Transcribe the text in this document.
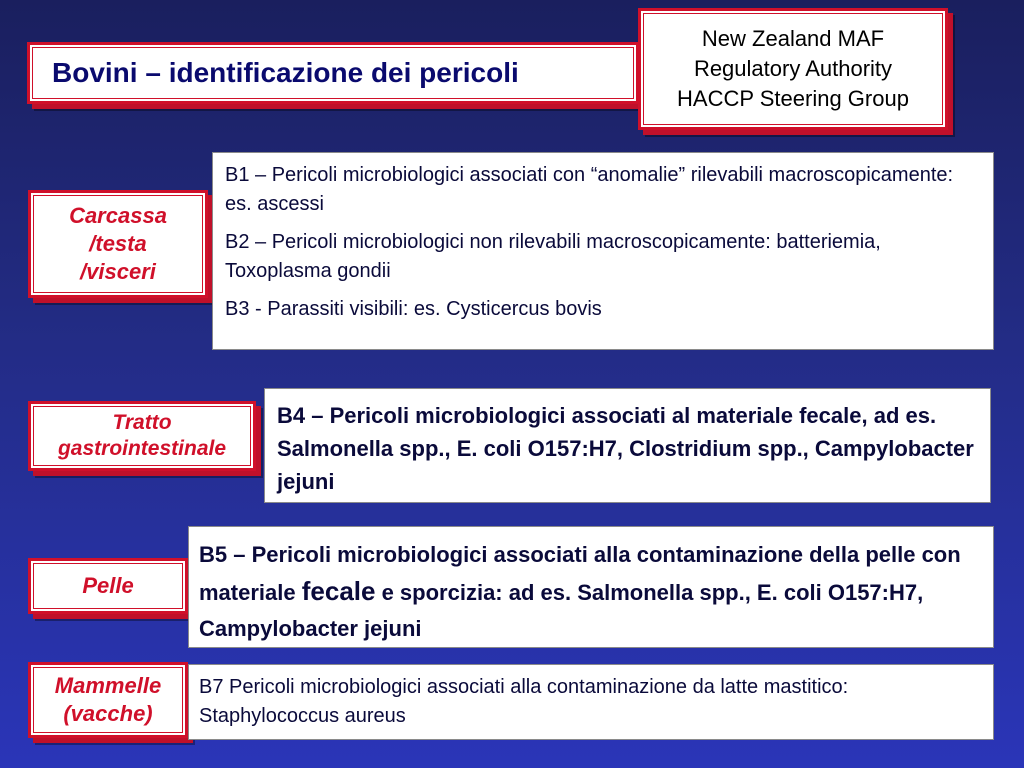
Bovini – identificazione dei pericoli
New Zealand MAF
Regulatory Authority
HACCP Steering Group
Carcassa
/testa
/visceri

B1 – Pericoli microbiologici associati con “anomalie” rilevabili macroscopicamente: es. ascessi

B2 – Pericoli microbiologici non rilevabili macroscopicamente: batteriemia, Toxoplasma gondii

B3 - Parassiti visibili: es. Cysticercus bovis

Tratto
gastrointestinale
B4 – Pericoli microbiologici associati al materiale fecale, ad es. Salmonella spp., E. coli O157:H7, Clostridium spp., Campylobacter jejuni
Pelle
B5 – Pericoli microbiologici associati alla contaminazione della pelle con materiale fecale e sporcizia: ad es. Salmonella spp., E. coli O157:H7, Campylobacter jejuni
Mammelle
(vacche)
B7 Pericoli microbiologici associati alla contaminazione da latte mastitico: Staphylococcus aureus
